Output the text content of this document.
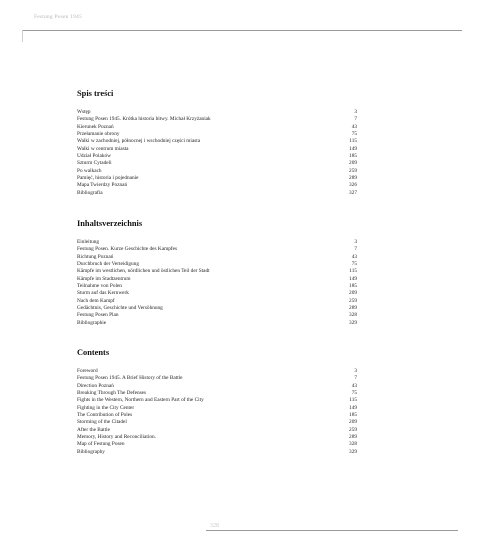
Festung Posen 1945
Spis treści
Wstęp	3
Festung Posen 1945. Krótka historia bitwy. Michał Krzyżaniak	7
Kierunek Poznań	43
Przełamanie obrony	75
Walki w zachodniej, północnej i wschodniej części miasta	115
Walki w centrum miasta	149
Udział Polaków	185
Szturm Cytadeli	209
Po walkach	259
Pamięć, historia i pojednanie	289
Mapa Twierdzy Poznań	326
Bibliografia	327
Inhaltsverzeichnis
Einleitung	3
Festung Posen. Kurze Geschichte des Kampfes	7
Richtung Poznań	43
Durchbruch der Verteidigung	75
Kämpfe im westlichen, nördlichen und östlichen Teil der Stadt	115
Kämpfe im Stadtzentrum	149
Teilnahme von Polen	185
Sturm auf das Kernwerk	209
Nach dem Kampf	259
Gedächtnis, Geschichte und Versöhnung	289
Festung Posen Plan	328
Bibliographie	329
Contents
Foreword	3
Festung Posen 1945. A Brief History of the Battle	7
Direction Poznań	43
Breaking Through The Defenses	75
Fights in the Western, Northern and Eastern Part of the City	115
Fighting in the City Center	149
The Contribution of Poles	185
Storming of the Citadel	209
After the Battle	259
Memory, History and Reconciliation.	289
Map of Festung Posen	328
Bibliography	329
328
